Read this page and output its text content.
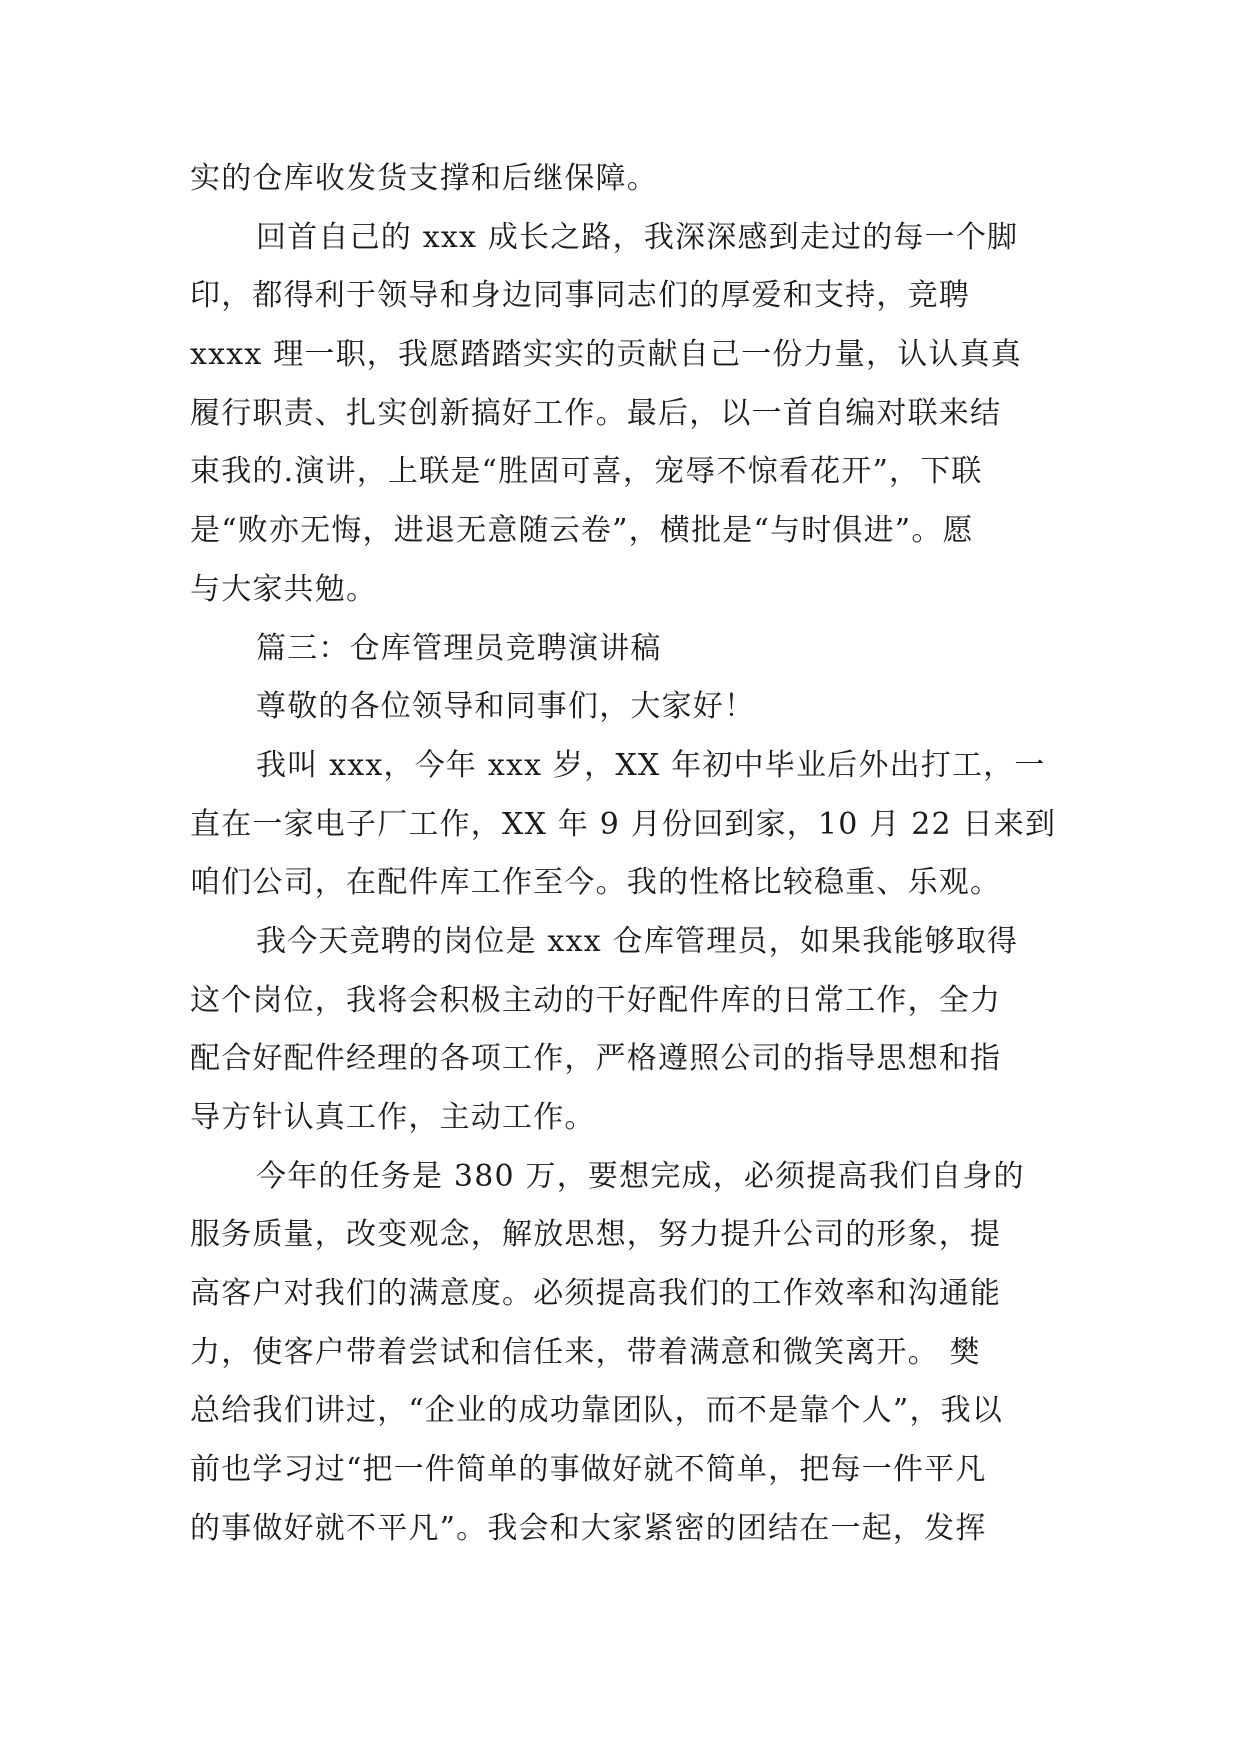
实的仓库收发货支撑和后继保障。
回首自己的 xxx 成长之路，我深深感到走过的每一个脚
印，都得利于领导和身边同事同志们的厚爱和支持，竞聘
xxxx 理一职，我愿踏踏实实的贡献自己一份力量，认认真真
履行职责、扎实创新搞好工作。最后，以一首自编对联来结
束我的.演讲，上联是“胜固可喜，宠辱不惊看花开”，下联
是“败亦无悔，进退无意随云卷”，横批是“与时俱进”。愿
与大家共勉。
篇三：仓库管理员竞聘演讲稿
尊敬的各位领导和同事们，大家好！
我叫 xxx，今年 xxx 岁，XX 年初中毕业后外出打工，一
直在一家电子厂工作，XX 年 9 月份回到家，10 月 22 日来到
咱们公司，在配件库工作至今。我的性格比较稳重、乐观。
我今天竞聘的岗位是 xxx 仓库管理员，如果我能够取得
这个岗位，我将会积极主动的干好配件库的日常工作，全力
配合好配件经理的各项工作，严格遵照公司的指导思想和指
导方针认真工作，主动工作。
今年的任务是 380 万，要想完成，必须提高我们自身的
服务质量，改变观念，解放思想，努力提升公司的形象，提
高客户对我们的满意度。必须提高我们的工作效率和沟通能
力，使客户带着尝试和信任来，带着满意和微笑离开。 樊
总给我们讲过，“企业的成功靠团队，而不是靠个人”，我以
前也学习过“把一件简单的事做好就不简单，把每一件平凡
的事做好就不平凡”。我会和大家紧密的团结在一起，发挥
